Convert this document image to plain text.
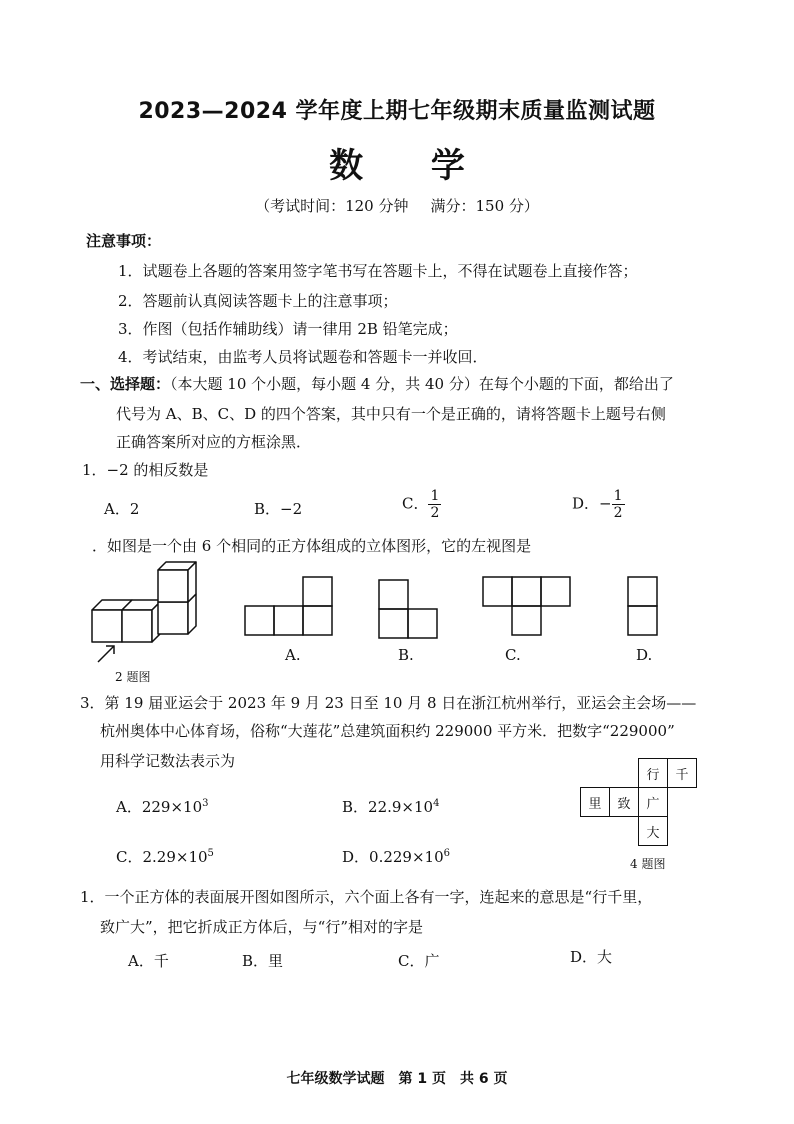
2023—2024 学年度上期七年级期末质量监测试题
数 学
（考试时间：120 分钟 满分：150 分）
注意事项：
1．试题卷上各题的答案用签字笔书写在答题卡上，不得在试题卷上直接作答；
2．答题前认真阅读答题卡上的注意事项；
3．作图（包括作辅助线）请一律用 2B 铅笔完成；
4．考试结束，由监考人员将试题卷和答题卡一并收回．
一、选择题：（本大题 10 个小题，每小题 4 分，共 40 分）在每个小题的下面，都给出了
代号为 A、B、C、D 的四个答案，其中只有一个是正确的，请将答题卡上题号右侧
正确答案所对应的方框涂黑．
1．−2 的相反数是
A．2	B．−2	C． $\frac{1}{2}$	D．− $\frac{1}{2}$
．如图是一个由 6 个相同的正方体组成的立体图形，它的左视图是
2 题图
A.	B.	C.	D.
3．第 19 届亚运会于 2023 年 9 月 23 日至 10 月 8 日在浙江杭州举行，亚运会主会场——
杭州奥体中心体育场，俗称“大莲花”总建筑面积约 229000 平方米．把数字“229000”
用科学记数法表示为
A．$229\times 10^3$	B．$22.9\times 10^4$
C．$2.29\times 10^5$	D．$0.229\times 10^6$
行	千
里	致	广
大
4 题图
1．一个正方体的表面展开图如图所示，六个面上各有一字，连起来的意思是“行千里，
致广大”，把它折成正方体后，与“行”相对的字是
A．千	B．里	C．广	D．大
七年级数学试题　第 1 页　共 6 页
